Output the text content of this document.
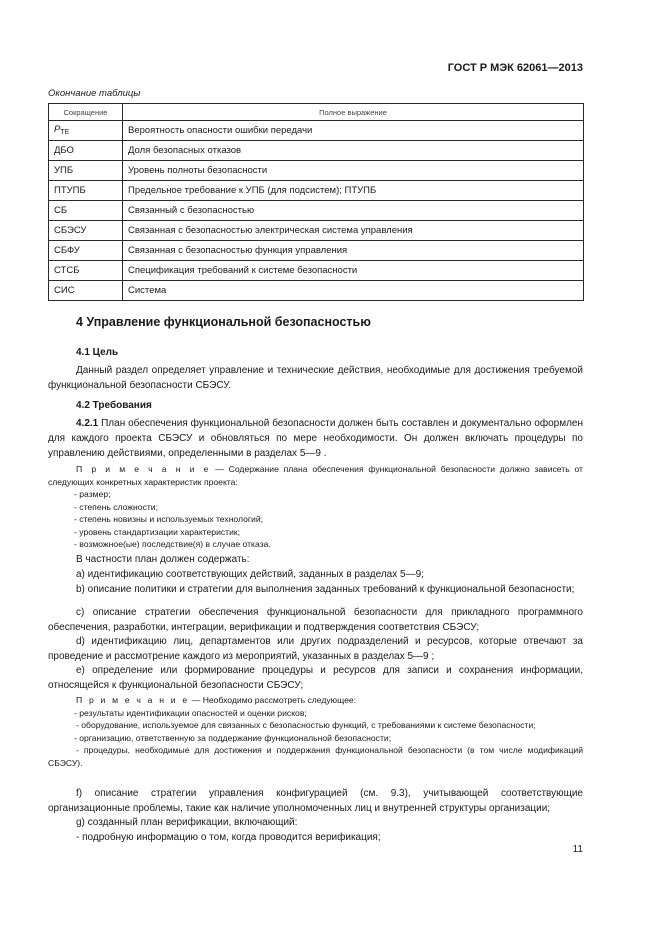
ГОСТ Р МЭК 62061—2013
Окончание таблицы
Сокращение	Полное выражение
$P_{TE}$	Вероятность опасности ошибки передачи
ДБО	Доля безопасных отказов
УПБ	Уровень полноты безопасности
ПТУПБ	Предельное требование к УПБ (для подсистем); ПТУПБ
СБ	Связанный с безопасностью
СБЭСУ	Связанная с безопасностью электрическая система управления
СБФУ	Связанная с безопасностью функция управления
СТСБ	Спецификация требований к системе безопасности
СИС	Система
4 Управление функциональной безопасностью
4.1 Цель
Данный раздел определяет управление и технические действия, необходимые для достижения требуемой функциональной безопасности СБЭСУ.
4.2 Требования
4.2.1 План обеспечения функциональной безопасности должен быть составлен и документально оформлен для каждого проекта СБЭСУ и обновляться по мере необходимости. Он должен включать процедуры по управлению действиями, определенными в разделах 5—9 .
П р и м е ч а н и е — Содержание плана обеспечения функциональной безопасности должно зависеть от следующих конкретных характеристик проекта:
- размер;
- степень сложности;
- степень новизны и используемых технологий;
- уровень стандартизации характеристик;
- возможное(ые) последствие(я) в случае отказа.
В частности план должен содержать:
а) идентификацию соответствующих действий, заданных в разделах 5—9;
b) описание политики и стратегии для выполнения заданных требований к функциональной безопасности;
c) описание стратегии обеспечения функциональной безопасности для прикладного программного обеспечения, разработки, интеграции, верификации и подтверждения соответствия СБЭСУ;
d) идентификацию лиц, департаментов или других подразделений и ресурсов, которые отвечают за проведение и рассмотрение каждого из мероприятий, указанных в разделах 5—9 ;
e) определение или формирование процедуры и ресурсов для записи и сохранения информации, относящейся к функциональной безопасности СБЭСУ;
П р и м е ч а н и е — Необходимо рассмотреть следующее:
- результаты идентификации опасностей и оценки рисков;
- оборудование, используемое для связанных с безопасностью функций, с требованиями к системе безопасности;
- организацию, ответственную за поддержание функциональной безопасности;
- процедуры, необходимые для достижения и поддержания функциональной безопасности (в том числе модификаций СБЭСУ).
f) описание стратегии управления конфигурацией (см. 9.3), учитывающей соответствующие организационные проблемы, такие как наличие уполномоченных лиц и внутренней структуры организации;
g) созданный план верификации, включающий:
- подробную информацию о том, когда проводится верификация;
11
